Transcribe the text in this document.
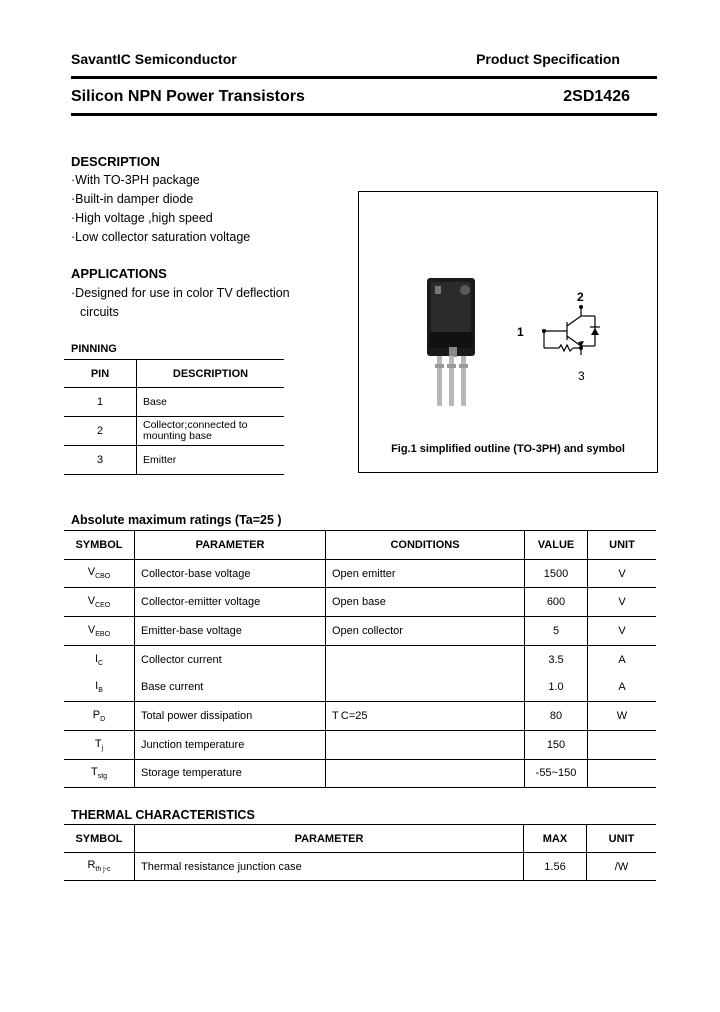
SavantIC Semiconductor	Product Specification
Silicon NPN Power Transistors	2SD1426
DESCRIPTION
·With TO-3PH package
·Built-in damper diode
·High voltage ,high speed
·Low collector saturation voltage
APPLICATIONS
·Designed for use in color TV deflection
circuits
PINNING
PIN	DESCRIPTION
1	Base
2	Collector;connected to mounting base
3	Emitter
1
2
3
Fig.1 simplified outline (TO-3PH) and symbol
Absolute maximum ratings (Ta=25 )
SYMBOL	PARAMETER	CONDITIONS	VALUE	UNIT
$V_{CBO}$	Collector-base voltage	Open emitter	1500	V
$V_{CEO}$	Collector-emitter voltage	Open base	600	V
$V_{EBO}$	Emitter-base voltage	Open collector	5	V
$I_C$	Collector current		3.5	A
$I_B$	Base current		1.0	A
$P_D$	Total power dissipation	T C=25	80	W
$T_j$	Junction temperature		150	
$T_{stg}$	Storage temperature		-55~150	
THERMAL CHARACTERISTICS
SYMBOL	PARAMETER	MAX	UNIT
$R_{th j-c}$	Thermal resistance junction case	1.56	/W
